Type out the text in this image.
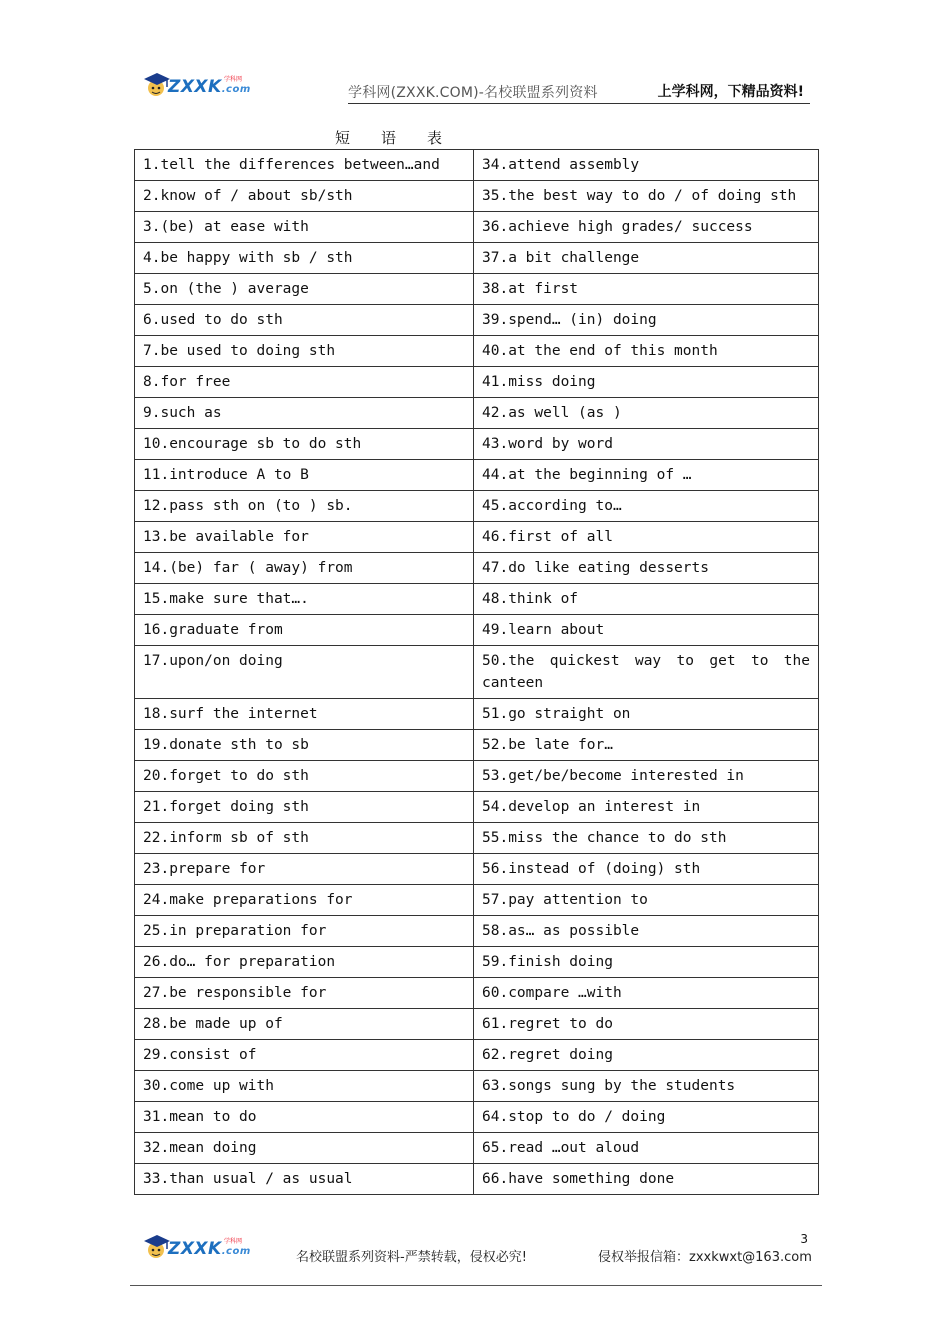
ZXXK.com
学科网
学科网(ZXXK.COM)-名校联盟系列资料	上学科网，下精品资料!
短 语 表
1.tell the differences between…and	34.attend assembly
2.know of / about sb/sth	35.the best way to do / of doing sth
3.(be) at ease with	36.achieve high grades/ success
4.be happy with sb / sth	37.a bit challenge
5.on (the ) average	38.at first
6.used to do sth	39.spend… (in) doing
7.be used to doing sth	40.at the end of this month
8.for free	41.miss doing
9.such as	42.as well (as )
10.encourage sb to do sth	43.word by word
11.introduce A to B	44.at the beginning of …
12.pass sth on (to ) sb.	45.according to…
13.be available for	46.first of all
14.(be) far ( away) from	47.do like eating desserts
15.make sure that….	48.think of
16.graduate from	49.learn about
17.upon/on doing	50.the quickest way to get to the canteen

18.surf the internet	51.go straight on
19.donate sth to sb	52.be late for…
20.forget to do sth	53.get/be/become interested in
21.forget doing sth	54.develop an interest in
22.inform sb of sth	55.miss the chance to do sth
23.prepare for	56.instead of (doing) sth
24.make preparations for	57.pay attention to
25.in preparation for	58.as… as possible
26.do… for preparation	59.finish doing
27.be responsible for	60.compare …with
28.be made up of	61.regret to do
29.consist of	62.regret doing
30.come up with	63.songs sung by the students
31.mean to do	64.stop to do / doing
32.mean doing	65.read …out aloud
33.than usual / as usual	66.have something done
ZXXK.com
学科网	3
名校联盟系列资料-严禁转载，侵权必究!	侵权举报信箱：zxxkwxt@163.com
